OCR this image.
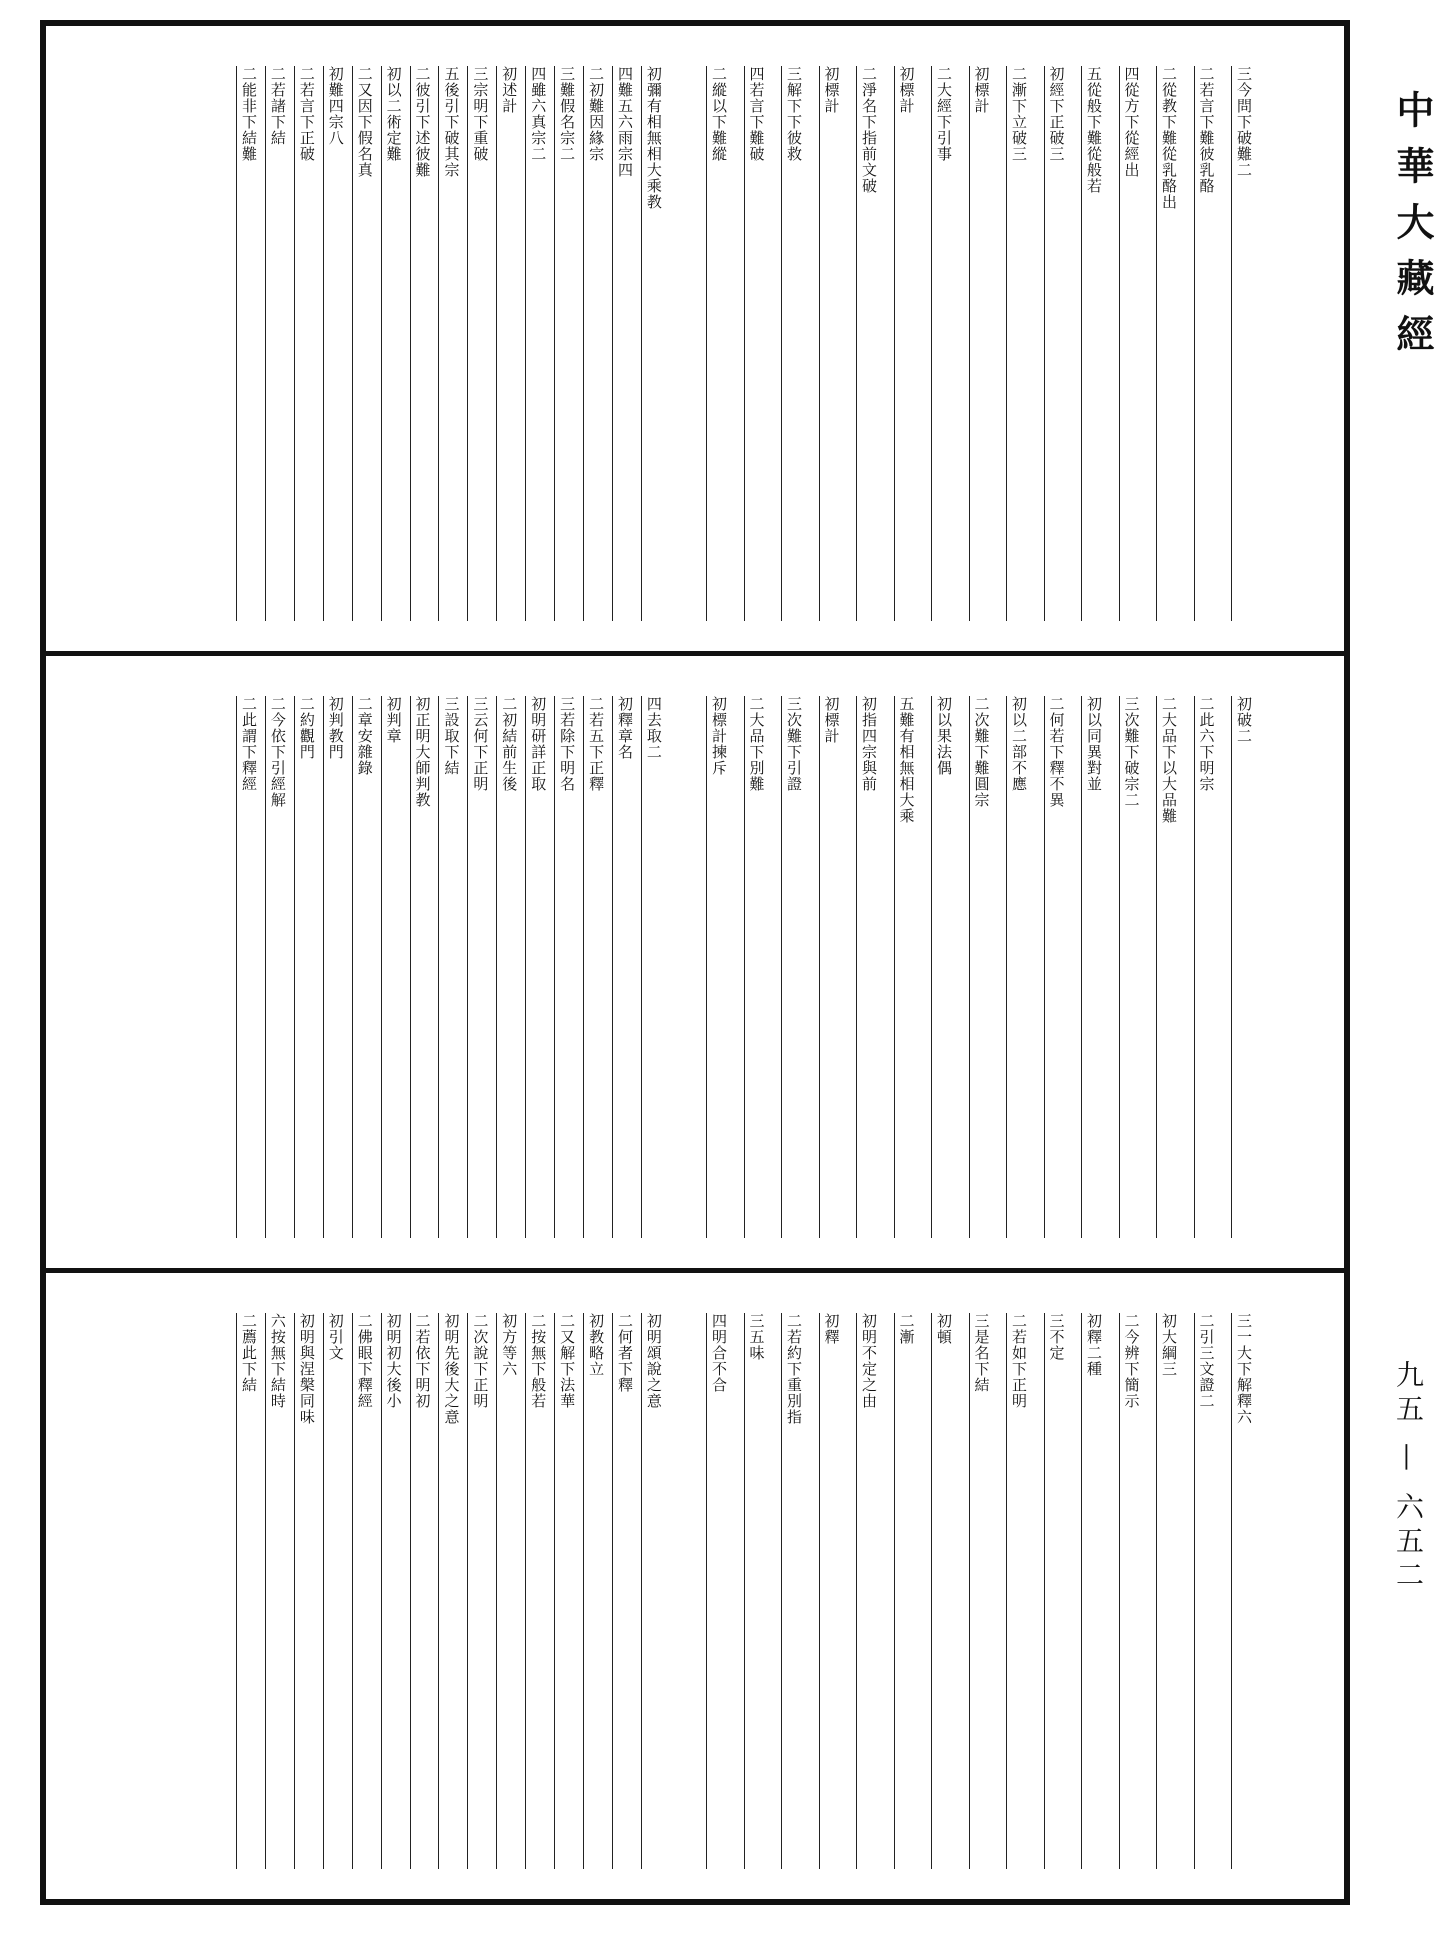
中華大藏經
三今問下破難二
二若言下難彼乳酪
二從教下難從乳酪出
四從方下從經出
五從般下難從般若
初經下正破三
二漸下立破三
初標計
二大經下引事
初標計
二淨名下指前文破
初標計
三解下下彼救
四若言下難破
二縱以下難縱
初彌有相無相大乘教
四難五六雨宗四
二初難因緣宗
三難假名宗二
四雖六真宗二
初述計
三宗明下重破
五後引下破其宗
二彼引下述彼難
初以二術定難
二又因下假名真
初難四宗八
二若言下正破
二若諸下結
二能非下結難
初破二
二此六下明宗
二大品下以大品難
三次難下破宗二
初以同異對並
二何若下釋不異
初以二部不應
二次難下難圓宗
初以果法偶
五難有相無相大乘
初指四宗與前
初標計
三次難下引證
二大品下別難
初標計揀斥
四去取二
初釋章名
二若五下正釋
三若除下明名
初明研詳正取
二初結前生後
三云何下正明
三設取下結
初正明大師判教
初判章
二章安雜錄
初判教門
二約觀門
二今依下引經解
二此謂下釋經
三一大下解釋六
二引三文證二
初大綱三
二今辨下簡示
初釋二種
三不定
二若如下正明
三是名下結
初頓
二漸
初明不定之由
初釋
二若約下重別指
三五味
四明合不合
初明頌說之意
二何者下釋
初教略立
二又解下法華
二按無下般若
初方等六
二次說下正明
初明先後大之意
二若依下明初
初明初大後小
二佛眼下釋經
初引文
初明與涅槃同味
六按無下結時
二薦此下結
九五 — 六五二
